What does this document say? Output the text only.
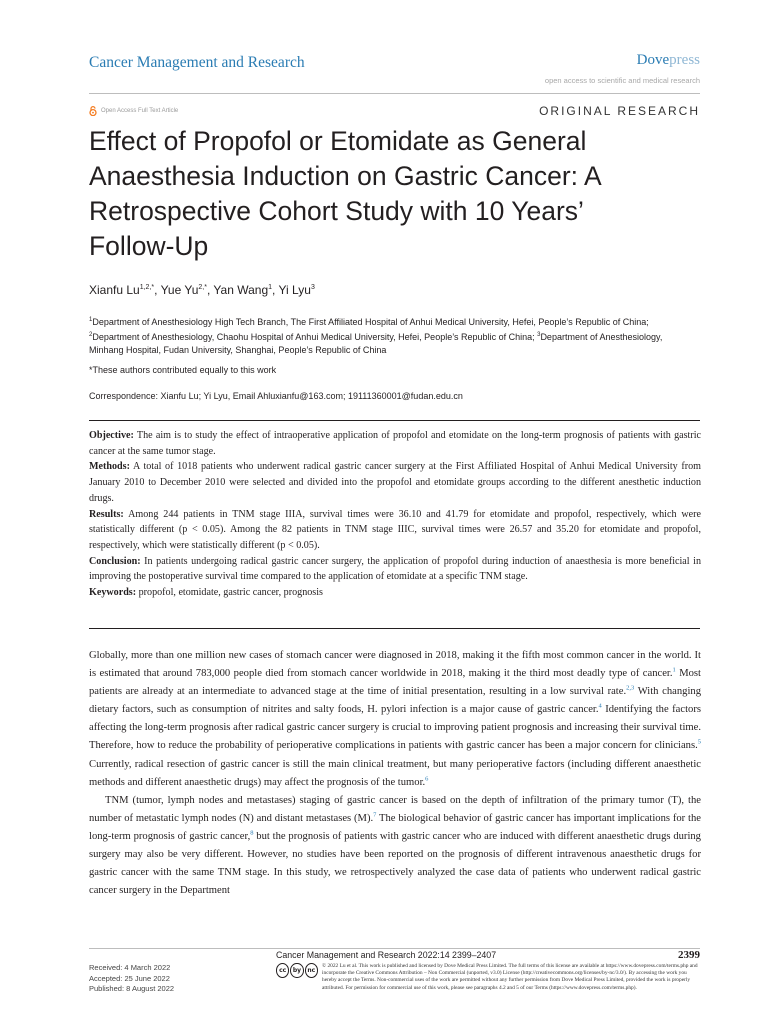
Cancer Management and Research	Dovepress
open access to scientific and medical research
Open Access Full Text Article	ORIGINAL RESEARCH
Effect of Propofol or Etomidate as General Anaesthesia Induction on Gastric Cancer: A Retrospective Cohort Study with 10 Years’ Follow-Up
Xianfu $Lu^{1,2,*}$, Yue $Yu^{2,*}$, Yan Wang$^1$, Yi Lyu$^3$
$^1$Department of Anesthesiology High Tech Branch, The First Affiliated Hospital of Anhui Medical University, Hefei, People’s Republic of China; $^2$Department of Anesthesiology, Chaohu Hospital of Anhui Medical University, Hefei, People’s Republic of China; $^3$Department of Anesthesiology, Minhang Hospital, Fudan University, Shanghai, People’s Republic of China
*These authors contributed equally to this work
Correspondence: Xianfu Lu; Yi Lyu, Email Ahluxianfu@163.com; 19111360001@fudan.edu.cn

Objective: The aim is to study the effect of intraoperative application of propofol and etomidate on the long-term prognosis of patients with gastric cancer at the same tumor stage.

Methods: A total of 1018 patients who underwent radical gastric cancer surgery at the First Affiliated Hospital of Anhui Medical University from January 2010 to December 2010 were selected and divided into the propofol and etomidate groups according to the different anesthetic induction drugs.

Results: Among 244 patients in TNM stage IIIA, survival times were 36.10 and 41.79 for etomidate and propofol, respectively, which were statistically different (p < 0.05). Among the 82 patients in TNM stage IIIC, survival times were 26.57 and 35.20 for etomidate and propofol, respectively, which were statistically different (p < 0.05).

Conclusion: In patients undergoing radical gastric cancer surgery, the application of propofol during induction of anaesthesia is more beneficial in improving the postoperative survival time compared to the application of etomidate at a specific TNM stage.

Keywords: propofol, etomidate, gastric cancer, prognosis

Globally, more than one million new cases of stomach cancer were diagnosed in 2018, making it the fifth most common cancer in the world. It is estimated that around 783,000 people died from stomach cancer worldwide in 2018, making it the third most deadly type of cancer.$^1$ Most patients are already at an intermediate to advanced stage at the time of initial presentation, resulting in a low survival rate.$^{2,3}$ With changing dietary factors, such as consumption of nitrites and salty foods, H. pylori infection is a major cause of gastric cancer.$^4$ Identifying the factors affecting the long-term prognosis after radical gastric cancer surgery is crucial to improving patient prognosis and increasing their survival time. Therefore, how to reduce the probability of perioperative complications in patients with gastric cancer has been a major concern for clinicians.$^5$ Currently, radical resection of gastric cancer is still the main clinical treatment, but many perioperative factors (including different anaesthetic methods and different anaesthetic drugs) may affect the prognosis of the tumor.$^6$

TNM (tumor, lymph nodes and metastases) staging of gastric cancer is based on the depth of infiltration of the primary tumor (T), the number of metastatic lymph nodes (N) and distant metastases (M).$^7$ The biological behavior of gastric cancer has important implications for the long-term prognosis of gastric cancer,$^8$ but the prognosis of patients with gastric cancer who are induced with different anaesthetic drugs during surgery may also be very different. However, no studies have been reported on the prognosis of different intravenous anaesthetic drugs for gastric cancer with the same TNM stage. In this study, we retrospectively analyzed the case data of patients who underwent radical gastric cancer surgery in the Department

Received: 4 March 2022
Accepted: 25 June 2022
Published: 8 August 2022
Cancer Management and Research 2022:14 2399–2407	2399
cc	by	nc
© 2022 Lu et al. This work is published and licensed by Dove Medical Press Limited. The full terms of this license are available at https://www.dovepress.com/terms.php and incorporate the Creative Commons Attribution – Non Commercial (unported, v3.0) License (http://creativecommons.org/licenses/by-nc/3.0/). By accessing the work you hereby accept the Terms. Non-commercial uses of the work are permitted without any further permission from Dove Medical Press Limited, provided the work is properly attributed. For permission for commercial use of this work, please see paragraphs 4.2 and 5 of our Terms (https://www.dovepress.com/terms.php).
